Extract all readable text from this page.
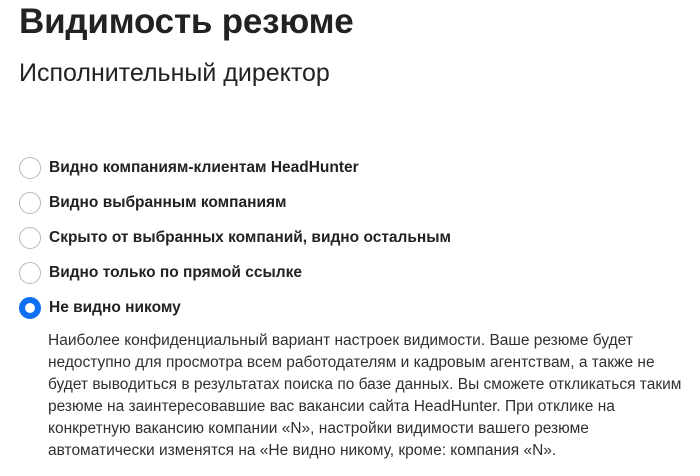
Видимость резюме
Исполнительный директор
Видно компаниям-клиентам HeadHunter
Видно выбранным компаниям
Скрыто от выбранных компаний, видно остальным
Видно только по прямой ссылке
Не видно никому

Наиболее конфиденциальный вариант настроек видимости. Ваше резюме будет недоступно для просмотра всем работодателям и кадровым агентствам, а также не будет выводиться в результатах поиска по базе данных. Вы сможете откликаться таким резюме на заинтересовавшие вас вакансии сайта HeadHunter. При отклике на конкретную вакансию компании «N», настройки видимости вашего резюме автоматически изменятся на «Не видно никому, кроме: компания «N».
